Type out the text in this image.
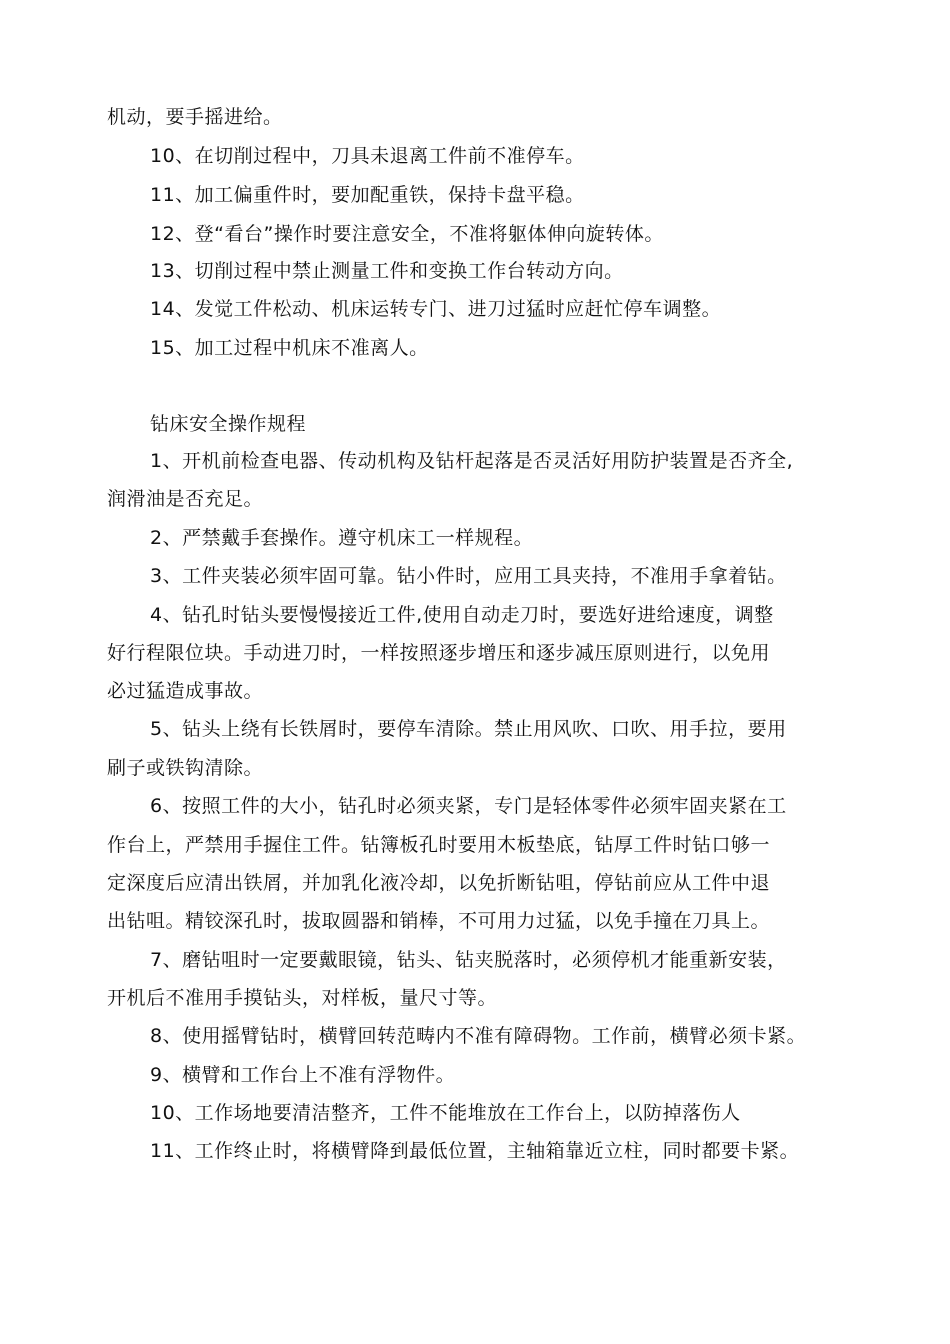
机动，要手摇进给。
10、在切削过程中，刀具未退离工件前不准停车。
11、加工偏重件时，要加配重铁，保持卡盘平稳。
12、登“看台”操作时要注意安全，不准将躯体伸向旋转体。
13、切削过程中禁止测量工件和变换工作台转动方向。
14、发觉工件松动、机床运转专门、进刀过猛时应赶忙停车调整。
15、加工过程中机床不准离人。
钻床安全操作规程
1、开机前检查电器、传动机构及钻杆起落是否灵活好用防护装置是否齐全,
润滑油是否充足。
2、严禁戴手套操作。遵守机床工一样规程。
3、工件夹装必须牢固可靠。钻小件时，应用工具夹持，不准用手拿着钻。
4、钻孔时钻头要慢慢接近工件,使用自动走刀时，要选好进给速度，调整
好行程限位块。手动进刀时，一样按照逐步增压和逐步减压原则进行，以免用
必过猛造成事故。
5、钻头上绕有长铁屑时，要停车清除。禁止用风吹、口吹、用手拉，要用
刷子或铁钩清除。
6、按照工件的大小，钻孔时必须夹紧，专门是轻体零件必须牢固夹紧在工
作台上，严禁用手握住工件。钻簿板孔时要用木板垫底，钻厚工件时钻口够一
定深度后应清出铁屑，并加乳化液冷却，以免折断钻咀，停钻前应从工件中退
出钻咀。精铰深孔时，拔取圆器和销棒，不可用力过猛，以免手撞在刀具上。
7、磨钻咀时一定要戴眼镜，钻头、钻夹脱落时，必须停机才能重新安装，
开机后不准用手摸钻头，对样板，量尺寸等。
8、使用摇臂钻时，横臂回转范畴内不准有障碍物。工作前，横臂必须卡紧。
9、横臂和工作台上不准有浮物件。
10、工作场地要清洁整齐，工件不能堆放在工作台上，以防掉落伤人
11、工作终止时，将横臂降到最低位置，主轴箱靠近立柱，同时都要卡紧。
